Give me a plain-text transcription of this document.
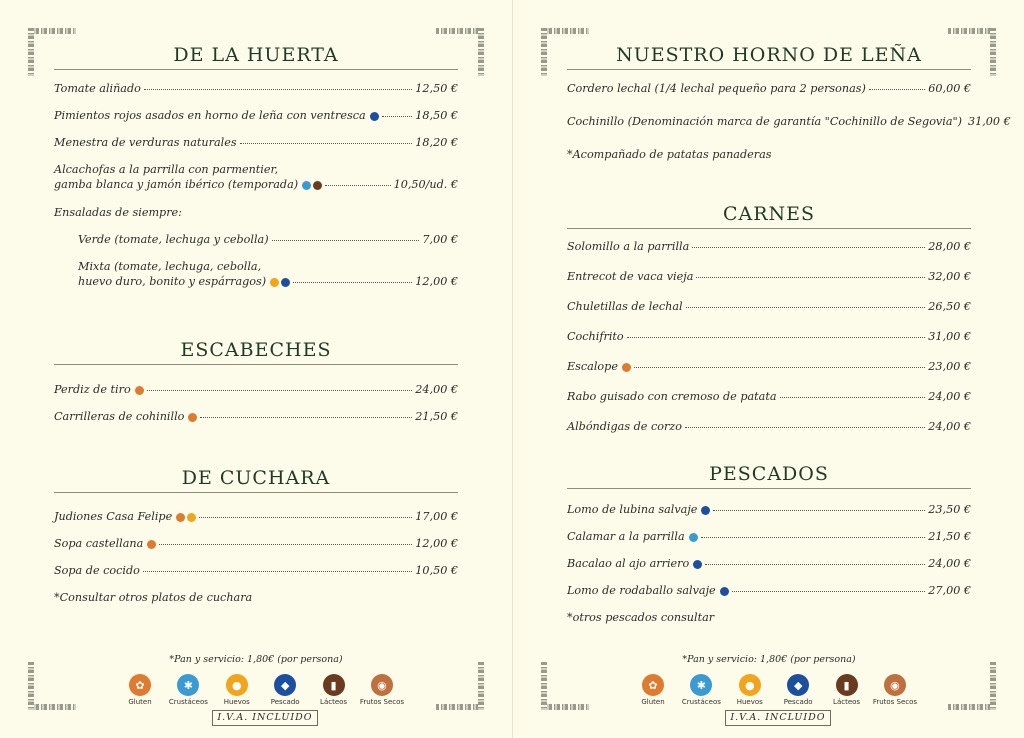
DE LA HUERTA
Tomate aliñado	12,50 €
Pimientos rojos asados en horno de leña con ventresca	18,50 €
Menestra de verduras naturales	18,20 €
Alcachofas a la parrilla con parmentier,
gamba blanca y jamón ibérico (temporada)	10,50/ud. €
Ensaladas de siempre:
Verde (tomate, lechuga y cebolla)	7,00 €
Mixta (tomate, lechuga, cebolla,
huevo duro, bonito y espárragos)	12,00 €
ESCABECHES
Perdiz de tiro	24,00 €
Carrilleras de cohinillo	21,50 €
DE CUCHARA
Judiones Casa Felipe	17,00 €
Sopa castellana	12,00 €
Sopa de cocido	10,50 €
*Consultar otros platos de cuchara
*Pan y servicio: 1,80€ (por persona)
✿
Gluten
✱
Crustáceos
●
Huevos
◆
Pescado
▮
Lácteos
◉
Frutos Secos
I.V.A. INCLUIDO
NUESTRO HORNO DE LEÑA
Cordero lechal (1/4 lechal pequeño para 2 personas)	60,00 €
Cochinillo (Denominación marca de garantía "Cochinillo de Segovia") 31,00 €
*Acompañado de patatas panaderas
CARNES
Solomillo a la parrilla	28,00 €
Entrecot de vaca vieja	32,00 €
Chuletillas de lechal	26,50 €
Cochifrito	31,00 €
Escalope	23,00 €
Rabo guisado con cremoso de patata	24,00 €
Albóndigas de corzo	24,00 €
PESCADOS
Lomo de lubina salvaje	23,50 €
Calamar a la parrilla	21,50 €
Bacalao al ajo arriero	24,00 €
Lomo de rodaballo salvaje	27,00 €
*otros pescados consultar
*Pan y servicio: 1,80€ (por persona)
✿
Gluten
✱
Crustáceos
●
Huevos
◆
Pescado
▮
Lácteos
◉
Frutos Secos
I.V.A. INCLUIDO
